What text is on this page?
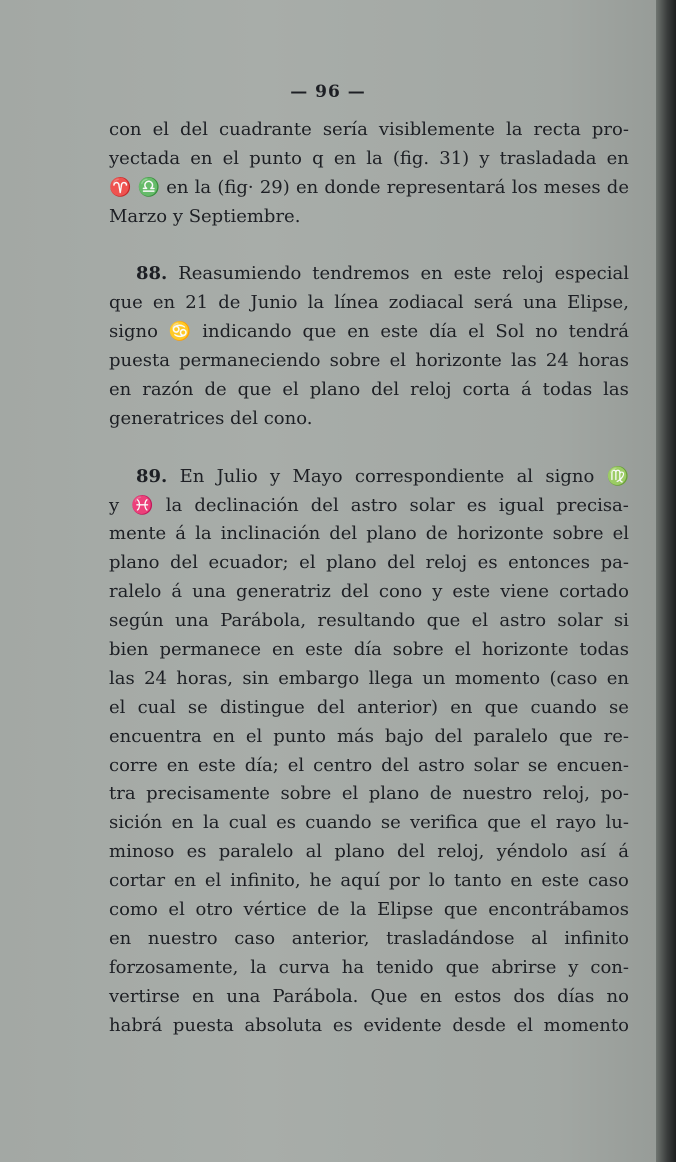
— 96 —
con el del cuadrante sería visiblemente la recta pro-
yectada en el punto q en la (fig. 31) y trasladada en
♈ ♎ en la (fig· 29) en donde representará los meses de
Marzo y Septiembre.
88. Reasumiendo tendremos en este reloj especial
que en 21 de Junio la línea zodiacal será una Elipse,
signo ♋ indicando que en este día el Sol no tendrá
puesta permaneciendo sobre el horizonte las 24 horas
en razón de que el plano del reloj corta á todas las
generatrices del cono.
89. En Julio y Mayo correspondiente al signo ♍
y ♓ la declinación del astro solar es igual precisa-
mente á la inclinación del plano de horizonte sobre el
plano del ecuador; el plano del reloj es entonces pa-
ralelo á una generatriz del cono y este viene cortado
según una Parábola, resultando que el astro solar si
bien permanece en este día sobre el horizonte todas
las 24 horas, sin embargo llega un momento (caso en
el cual se distingue del anterior) en que cuando se
encuentra en el punto más bajo del paralelo que re-
corre en este día; el centro del astro solar se encuen-
tra precisamente sobre el plano de nuestro reloj, po-
sición en la cual es cuando se verifica que el rayo lu-
minoso es paralelo al plano del reloj, yéndolo así á
cortar en el infinito, he aquí por lo tanto en este caso
como el otro vértice de la Elipse que encontrábamos
en nuestro caso anterior, trasladándose al infinito
forzosamente, la curva ha tenido que abrirse y con-
vertirse en una Parábola. Que en estos dos días no
habrá puesta absoluta es evidente desde el momento
